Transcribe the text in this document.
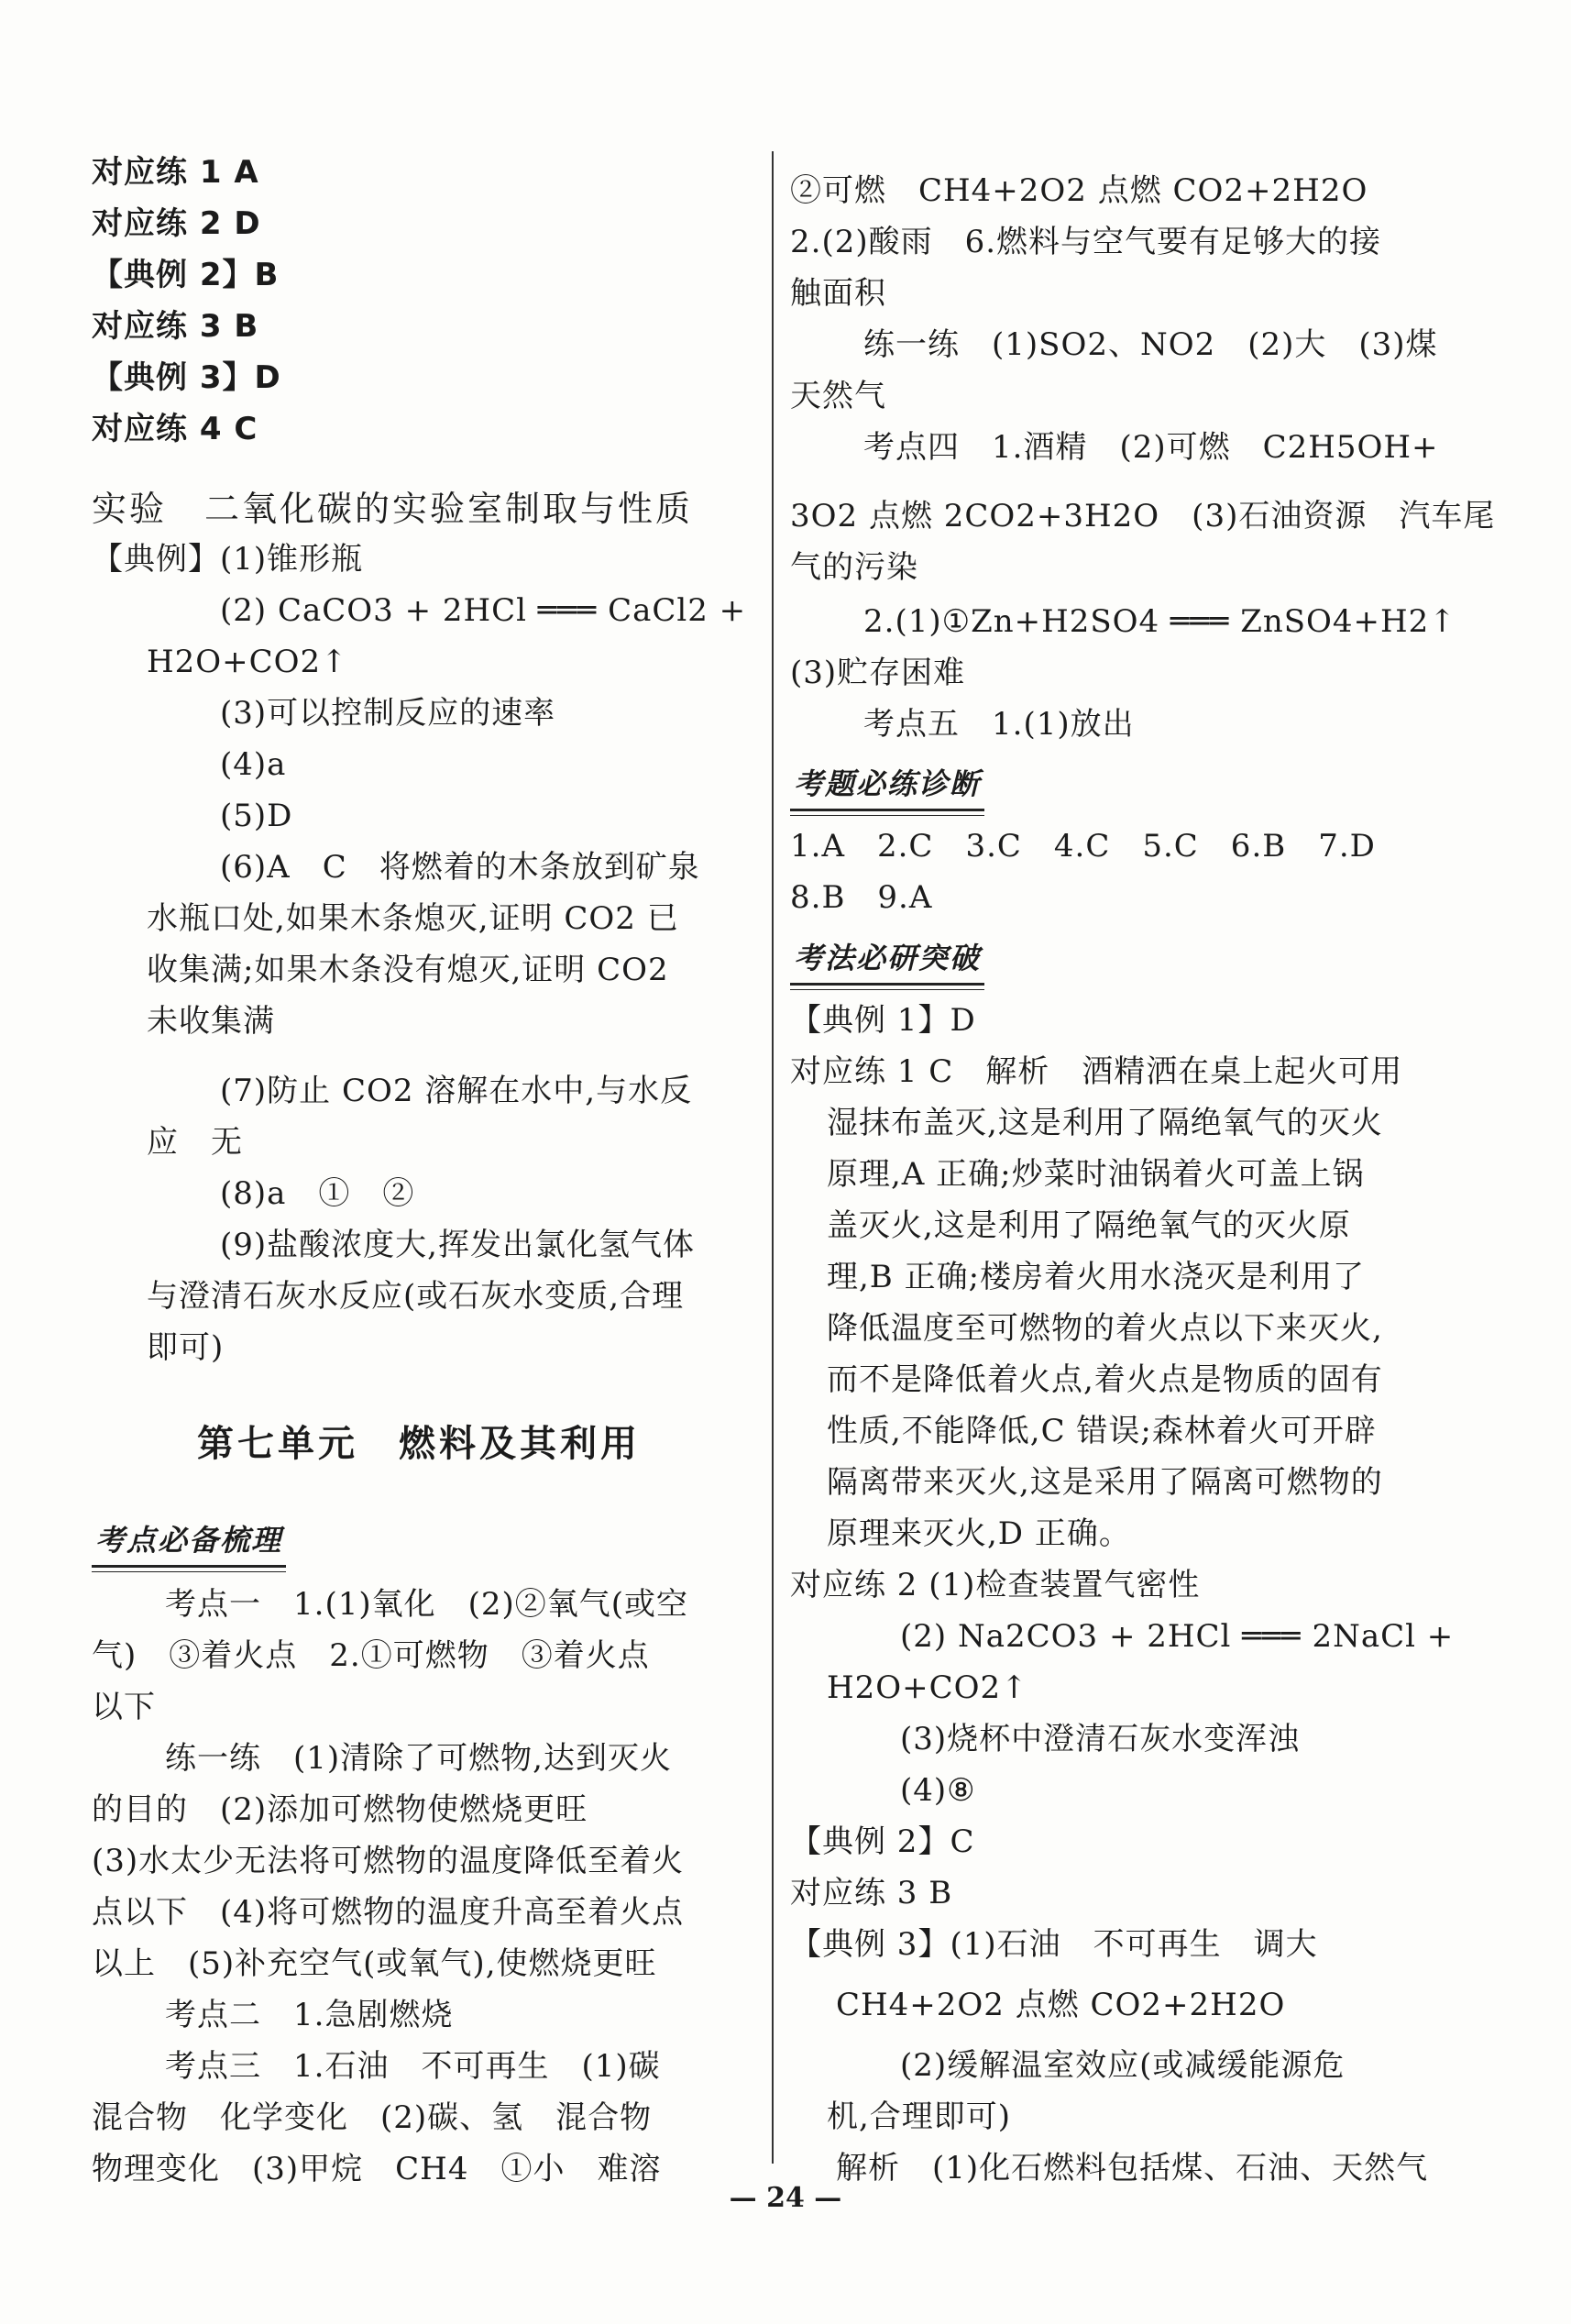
对应练 1 A
对应练 2 D
【典例 2】B
对应练 3 B
【典例 3】D
对应练 4 C
实验　二氧化碳的实验室制取与性质
【典例】(1)锥形瓶
(2) CaCO3 + 2HCl ═══ CaCl2 +
H2O+CO2↑
(3)可以控制反应的速率
(4)a
(5)D
(6)A　C　将燃着的木条放到矿泉
水瓶口处,如果木条熄灭,证明 CO2 已
收集满;如果木条没有熄灭,证明 CO2
未收集满
(7)防止 CO2 溶解在水中,与水反
应　无
(8)a　①　②
(9)盐酸浓度大,挥发出氯化氢气体
与澄清石灰水反应(或石灰水变质,合理
即可)
第七单元　燃料及其利用
考点必备梳理
考点一　1.(1)氧化　(2)②氧气(或空
气)　③着火点　2.①可燃物　③着火点
以下
练一练　(1)清除了可燃物,达到灭火
的目的　(2)添加可燃物使燃烧更旺
(3)水太少无法将可燃物的温度降低至着火
点以下　(4)将可燃物的温度升高至着火点
以上　(5)补充空气(或氧气),使燃烧更旺
考点二　1.急剧燃烧
考点三　1.石油　不可再生　(1)碳
混合物　化学变化　(2)碳、氢　混合物
物理变化　(3)甲烷　CH4　①小　难溶
②可燃　CH4+2O2 点燃 CO2+2H2O
2.(2)酸雨　6.燃料与空气要有足够大的接
触面积
练一练　(1)SO2、NO2　(2)大　(3)煤
天然气
考点四　1.酒精　(2)可燃　C2H5OH+
3O2 点燃 2CO2+3H2O　(3)石油资源　汽车尾
气的污染
2.(1)①Zn+H2SO4 ═══ ZnSO4+H2↑
(3)贮存困难
考点五　1.(1)放出
考题必练诊断
1.A　2.C　3.C　4.C　5.C　6.B　7.D
8.B　9.A
考法必研突破
【典例 1】D
对应练 1 C　解析　酒精洒在桌上起火可用
湿抹布盖灭,这是利用了隔绝氧气的灭火
原理,A 正确;炒菜时油锅着火可盖上锅
盖灭火,这是利用了隔绝氧气的灭火原
理,B 正确;楼房着火用水浇灭是利用了
降低温度至可燃物的着火点以下来灭火,
而不是降低着火点,着火点是物质的固有
性质,不能降低,C 错误;森林着火可开辟
隔离带来灭火,这是采用了隔离可燃物的
原理来灭火,D 正确。
对应练 2 (1)检查装置气密性
(2) Na2CO3 + 2HCl ═══ 2NaCl +
H2O+CO2↑
(3)烧杯中澄清石灰水变浑浊
(4)⑧
【典例 2】C
对应练 3 B
【典例 3】(1)石油　不可再生　调大
CH4+2O2 点燃 CO2+2H2O
(2)缓解温室效应(或减缓能源危
机,合理即可)
解析　(1)化石燃料包括煤、石油、天然气
— 24 —
